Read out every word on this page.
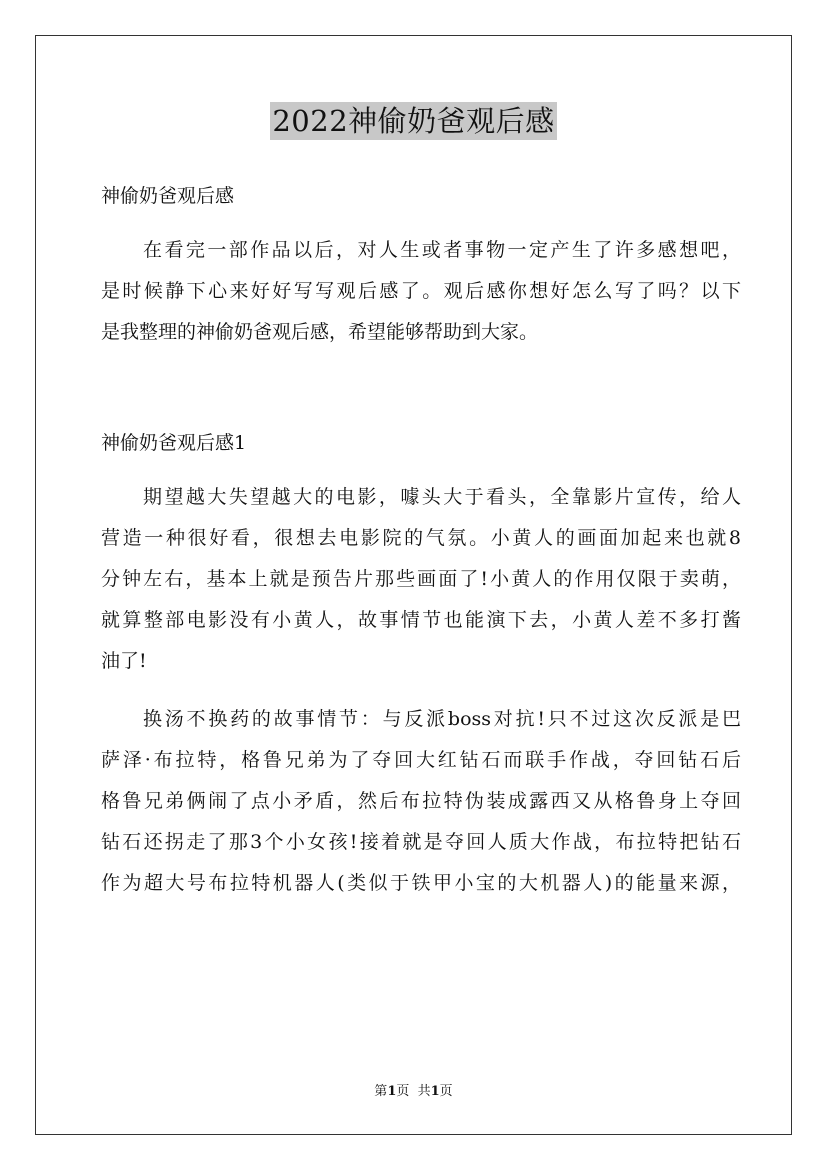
2022神偷奶爸观后感
神偷奶爸观后感
在看完一部作品以后，对人生或者事物一定产生了许多感想吧，
是时候静下心来好好写写观后感了。观后感你想好怎么写了吗？以下
是我整理的神偷奶爸观后感，希望能够帮助到大家。
神偷奶爸观后感1
期望越大失望越大的电影，噱头大于看头，全靠影片宣传，给人
营造一种很好看，很想去电影院的气氛。小黄人的画面加起来也就8
分钟左右，基本上就是预告片那些画面了!小黄人的作用仅限于卖萌，
就算整部电影没有小黄人，故事情节也能演下去，小黄人差不多打酱
油了!
换汤不换药的故事情节：与反派boss对抗!只不过这次反派是巴
萨泽·布拉特，格鲁兄弟为了夺回大红钻石而联手作战，夺回钻石后
格鲁兄弟俩闹了点小矛盾，然后布拉特伪装成露西又从格鲁身上夺回
钻石还拐走了那3个小女孩!接着就是夺回人质大作战，布拉特把钻石
作为超大号布拉特机器人(类似于铁甲小宝的大机器人)的能量来源，
第1页  共1页
